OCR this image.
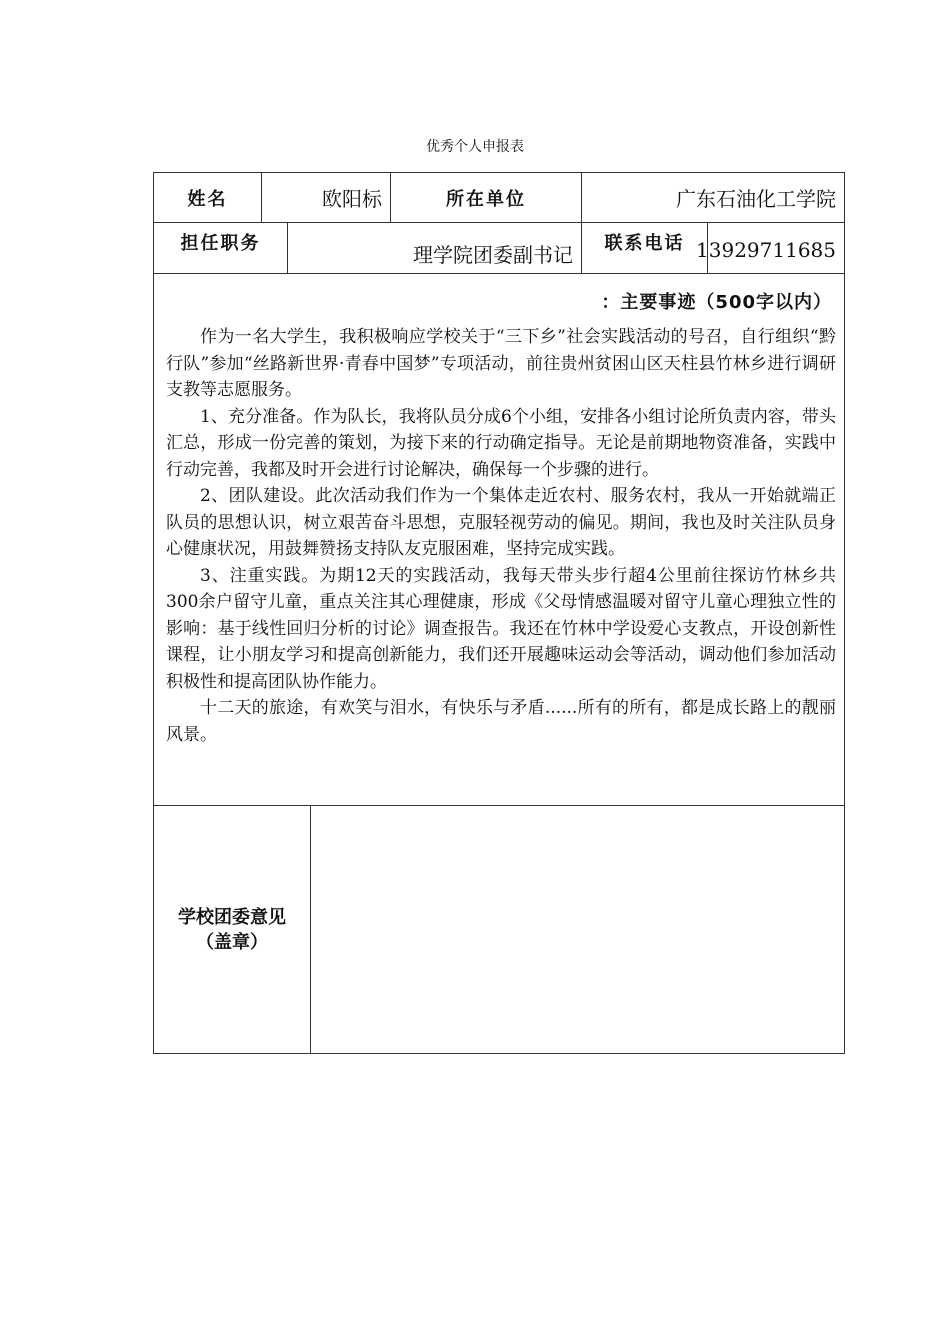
优秀个人申报表
姓名	欧阳标	所在单位	广东石油化工学院
担任职务	理学院团委副书记	联系电话 13929711685
：主要事迹（500字以内）

作为一名大学生，我积极响应学校关于“三下乡”社会实践活动的号召，自行组织“黔行队”参加“丝路新世界·青春中国梦”专项活动，前往贵州贫困山区天柱县竹林乡进行调研支教等志愿服务。

1、充分准备。作为队长，我将队员分成6个小组，安排各小组讨论所负责内容，带头汇总，形成一份完善的策划，为接下来的行动确定指导。无论是前期地物资准备，实践中行动完善，我都及时开会进行讨论解决，确保每一个步骤的进行。

2、团队建设。此次活动我们作为一个集体走近农村、服务农村，我从一开始就端正队员的思想认识，树立艰苦奋斗思想，克服轻视劳动的偏见。期间，我也及时关注队员身心健康状况，用鼓舞赞扬支持队友克服困难，坚持完成实践。

3、注重实践。为期12天的实践活动，我每天带头步行超4公里前往探访竹林乡共300余户留守儿童，重点关注其心理健康，形成《父母情感温暖对留守儿童心理独立性的影响：基于线性回归分析的讨论》调查报告。我还在竹林中学设爱心支教点，开设创新性课程，让小朋友学习和提高创新能力，我们还开展趣味运动会等活动，调动他们参加活动积极性和提高团队协作能力。

十二天的旅途，有欢笑与泪水，有快乐与矛盾......所有的所有，都是成长路上的靓丽风景。

学校团委意见
（盖章）
